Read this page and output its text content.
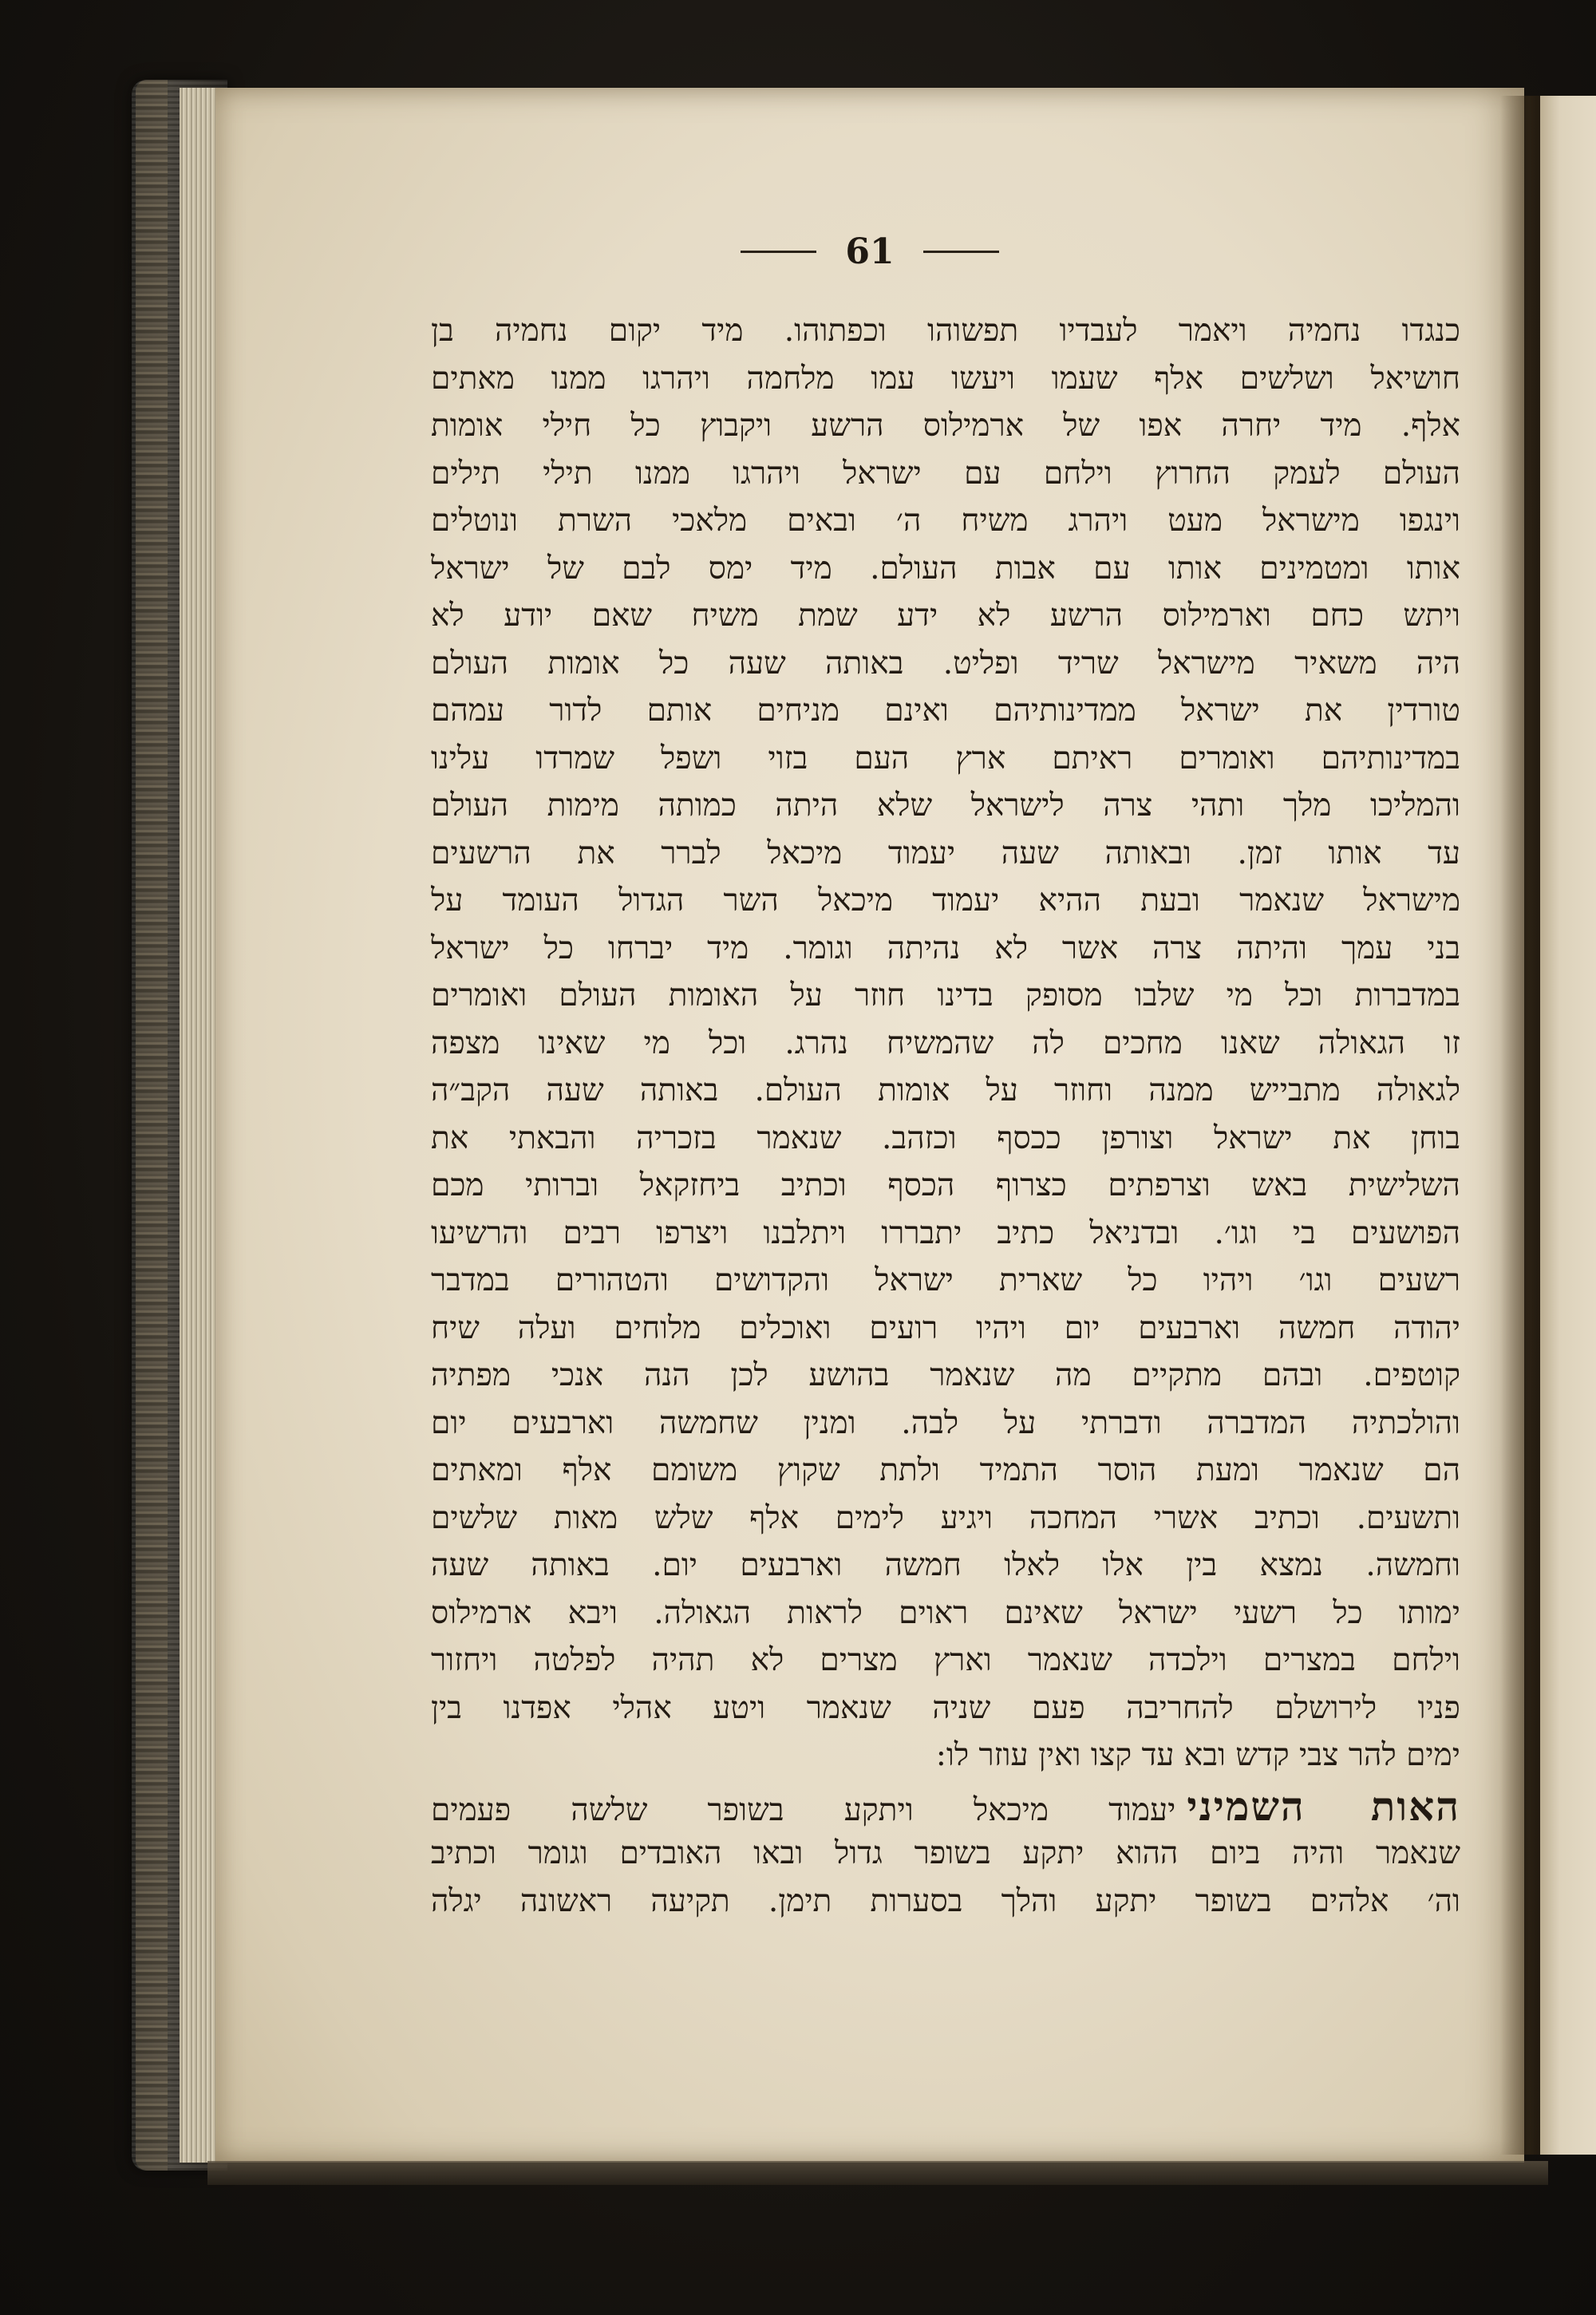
61
כנגדו נחמיה ויאמר לעבדיו תפשוהו וכפתוהו. מיד יקום נחמיה בן
חושיאל ושלשים אלף שעמו ויעשו עמו מלחמה ויהרגו ממנו מאתים
אלף. מיד יחרה אפו של ארמילוס הרשע ויקבוץ כל חילי אומות
העולם לעמק החרוץ וילחם עם ישראל ויהרגו ממנו תילי תילים
וינגפו מישראל מעט ויהרג משיח ה׳ ובאים מלאכי השרת ונוטלים
אותו ומטמינים אותו עם אבות העולם. מיד ימס לבם של ישראל
ויתש כחם וארמילוס הרשע לא ידע שמת משיח שאם יודע לא
היה משאיר מישראל שריד ופליט. באותה שעה כל אומות העולם
טורדין את ישראל ממדינותיהם ואינם מניחים אותם לדור עמהם
במדינותיהם ואומרים ראיתם ארץ העם בזוי ושפל שמרדו עלינו
והמליכו מלך ותהי צרה לישראל שלא היתה כמותה מימות העולם
עד אותו זמן. ובאותה שעה יעמוד מיכאל לברר את הרשעים
מישראל שנאמר ובעת ההיא יעמוד מיכאל השר הגדול העומד על
בני עמך והיתה צרה אשר לא נהיתה וגומר. מיד יברחו כל ישראל
במדברות וכל מי שלבו מסופק בדינו חוזר על האומות העולם ואומרים
זו הגאולה שאנו מחכים לה שהמשיח נהרג. וכל מי שאינו מצפה
לגאולה מתבייש ממנה וחוזר על אומות העולם. באותה שעה הקב״ה
בוחן את ישראל וצורפן ככסף וכזהב. שנאמר בזכריה והבאתי את
השלישית באש וצרפתים כצרוף הכסף וכתיב ביחזקאל וברותי מכם
הפושעים בי וגו׳. ובדניאל כתיב יתבררו ויתלבנו ויצרפו רבים והרשיעו
רשעים וגו׳ ויהיו כל שארית ישראל והקדושים והטהורים במדבר
יהודה חמשה וארבעים יום ויהיו רועים ואוכלים מלוחים ועלה שיח
קוטפים. ובהם מתקיים מה שנאמר בהושע לכן הנה אנכי מפתיה
והולכתיה המדברה ודברתי על לבה. ומנין שחמשה וארבעים יום
הם שנאמר ומעת הוסר התמיד ולתת שקוץ משומם אלף ומאתים
ותשעים. וכתיב אשרי המחכה ויגיע לימים אלף שלש מאות שלשים
וחמשה. נמצא בין אלו לאלו חמשה וארבעים יום. באותה שעה
ימותו כל רשעי ישראל שאינם ראוים לראות הגאולה. ויבא ארמילוס
וילחם במצרים וילכדה שנאמר וארץ מצרים לא תהיה לפלטה ויחזור
פניו לירושלם להחריבה פעם שניה שנאמר ויטע אהלי אפדנו בין
ימים להר צבי קדש ובא עד קצו ואין עוזר לו:
האות השמינייעמוד מיכאל ויתקע בשופר שלשה פעמים
שנאמר והיה ביום ההוא יתקע בשופר גדול ובאו האובדים וגומר וכתיב
וה׳ אלהים בשופר יתקע והלך בסערות תימן. תקיעה ראשונה יגלה
